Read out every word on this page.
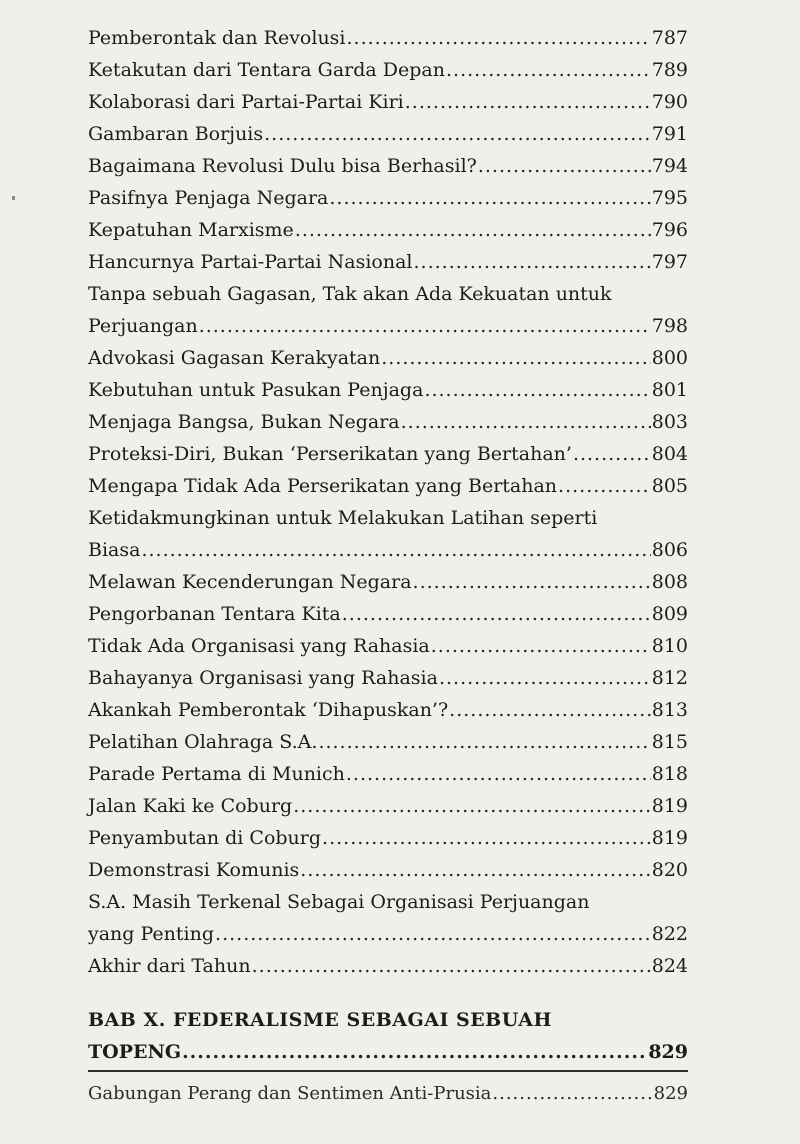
Pemberontak dan Revolusi .....	787
Ketakutan dari Tentara Garda Depan .....	789
Kolaborasi dari Partai-Partai Kiri .....	790
Gambaran Borjuis .....	791
Bagaimana Revolusi Dulu bisa Berhasil? .....	794
Pasifnya Penjaga Negara .....	795
Kepatuhan Marxisme .....	796
Hancurnya Partai-Partai Nasional .....	797
Tanpa sebuah Gagasan, Tak akan Ada Kekuatan untuk
Perjuangan .....	798
Advokasi Gagasan Kerakyatan .....	800
Kebutuhan untuk Pasukan Penjaga .....	801
Menjaga Bangsa, Bukan Negara .....	803
Proteksi-Diri, Bukan ‘Perserikatan yang Bertahan’ .....	804
Mengapa Tidak Ada Perserikatan yang Bertahan .....	805
Ketidakmungkinan untuk Melakukan Latihan seperti
Biasa .....	806
Melawan Kecenderungan Negara .....	808
Pengorbanan Tentara Kita .....	809
Tidak Ada Organisasi yang Rahasia .....	810
Bahayanya Organisasi yang Rahasia .....	812
Akankah Pemberontak ‘Dihapuskan’? .....	813
Pelatihan Olahraga S.A. .....	815
Parade Pertama di Munich .....	818
Jalan Kaki ke Coburg .....	819
Penyambutan di Coburg .....	819
Demonstrasi Komunis .....	820
S.A. Masih Terkenal Sebagai Organisasi Perjuangan
yang Penting .....	822
Akhir dari Tahun .....	824
BAB X. FEDERALISME SEBAGAI SEBUAH
TOPENG .....	829
Gabungan Perang dan Sentimen Anti-Prusia .....	829
